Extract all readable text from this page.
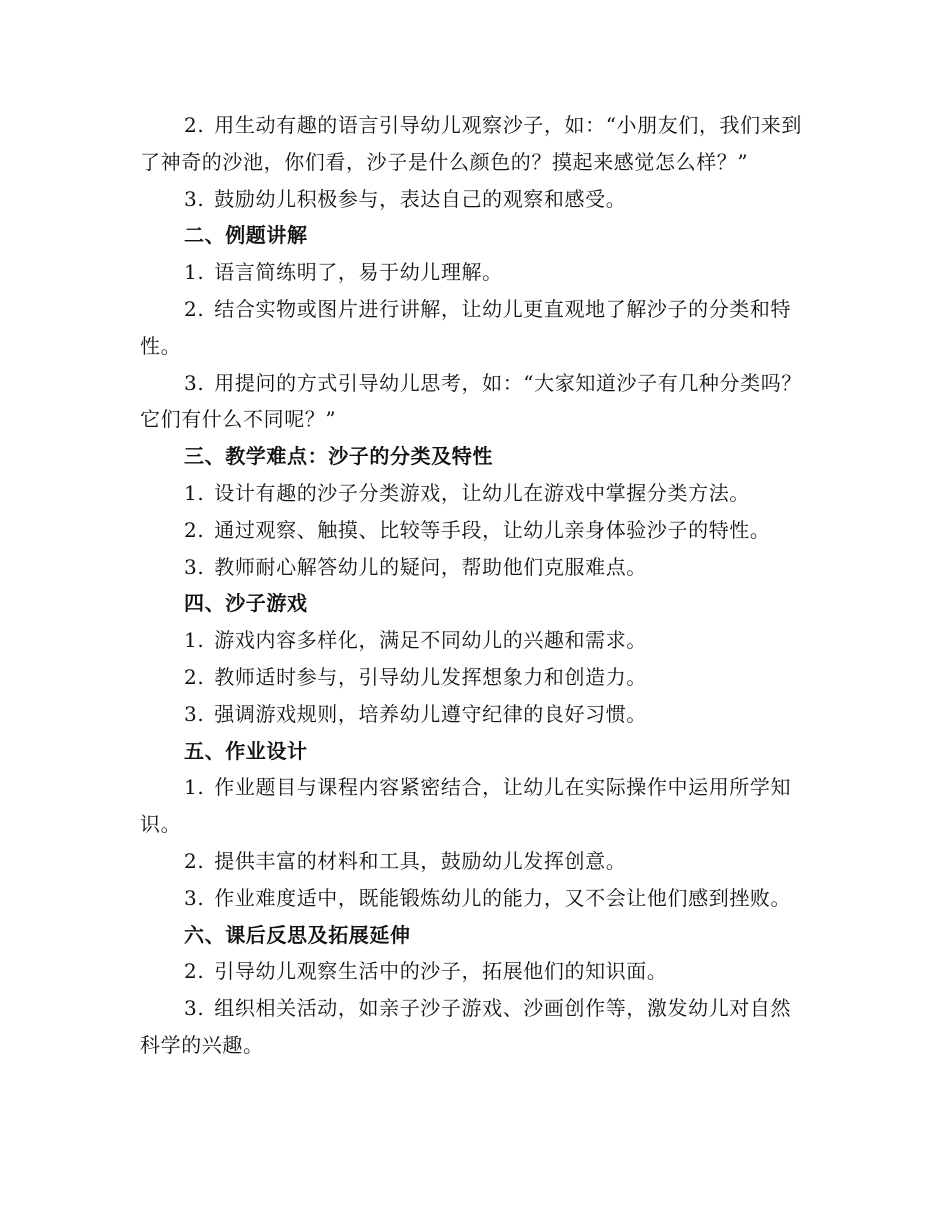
2. 用生动有趣的语言引导幼儿观察沙子，如：“小朋友们，我们来到了神奇的沙池，你们看，沙子是什么颜色的？摸起来感觉怎么样？”

3. 鼓励幼儿积极参与，表达自己的观察和感受。

二、例题讲解

1. 语言简练明了，易于幼儿理解。

2. 结合实物或图片进行讲解，让幼儿更直观地了解沙子的分类和特性。

3. 用提问的方式引导幼儿思考，如：“大家知道沙子有几种分类吗？它们有什么不同呢？”

三、教学难点：沙子的分类及特性

1. 设计有趣的沙子分类游戏，让幼儿在游戏中掌握分类方法。

2. 通过观察、触摸、比较等手段，让幼儿亲身体验沙子的特性。

3. 教师耐心解答幼儿的疑问，帮助他们克服难点。

四、沙子游戏

1. 游戏内容多样化，满足不同幼儿的兴趣和需求。

2. 教师适时参与，引导幼儿发挥想象力和创造力。

3. 强调游戏规则，培养幼儿遵守纪律的良好习惯。

五、作业设计

1. 作业题目与课程内容紧密结合，让幼儿在实际操作中运用所学知识。

2. 提供丰富的材料和工具，鼓励幼儿发挥创意。

3. 作业难度适中，既能锻炼幼儿的能力，又不会让他们感到挫败。

六、课后反思及拓展延伸

2. 引导幼儿观察生活中的沙子，拓展他们的知识面。

3. 组织相关活动，如亲子沙子游戏、沙画创作等，激发幼儿对自然科学的兴趣。
